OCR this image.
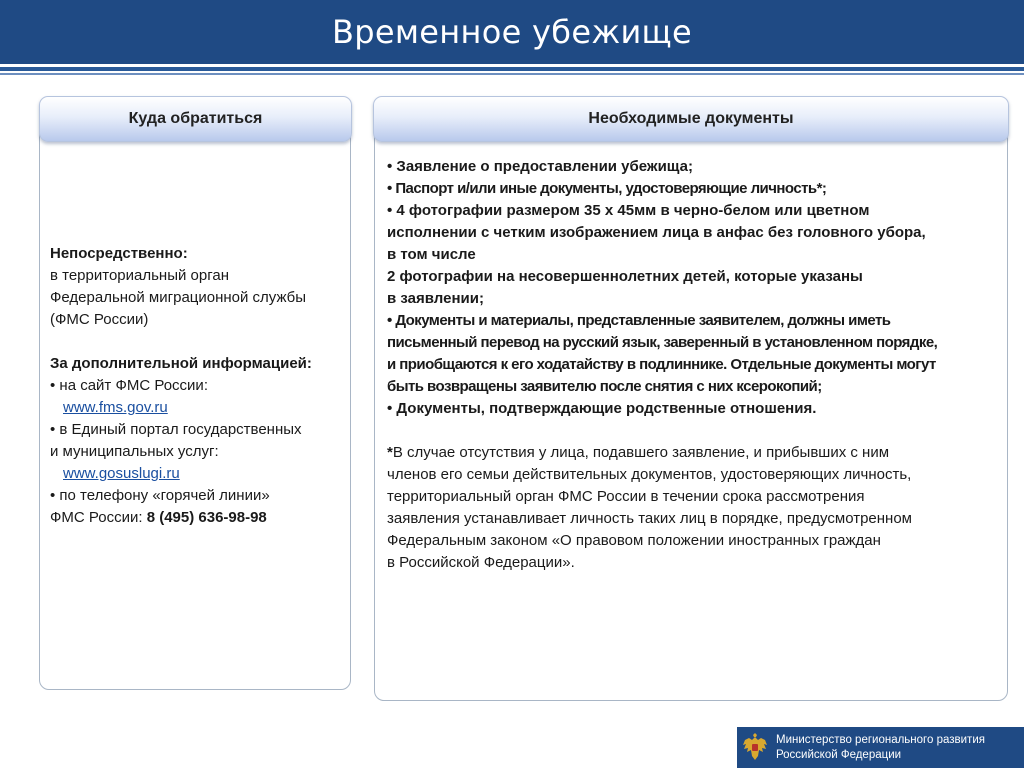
Временное убежище
Куда обратиться

Непосредственно:

в территориальный орган

Федеральной миграционной службы

(ФМС России)

За дополнительной информацией:

• на сайт ФМС России:

www.fms.gov.ru

• в Единый портал государственных

и муниципальных услуг:

www.gosuslugi.ru

• по телефону «горячей линии»

ФМС России: 8 (495) 636-98-98

Необходимые документы

• Заявление о предоставлении убежища;

• Паспорт и/или иные документы, удостоверяющие личность*;

• 4 фотографии размером 35 х 45мм в черно-белом или цветном

исполнении с четким изображением лица в анфас без головного убора,

в том числе

2 фотографии на несовершеннолетних детей, которые указаны

в заявлении;

• Документы и материалы, представленные заявителем, должны иметь

письменный перевод на русский язык, заверенный в установленном порядке,

и приобщаются к его ходатайству в подлиннике. Отдельные документы могут

быть возвращены заявителю после снятия с них ксерокопий;

• Документы, подтверждающие родственные отношения.

*В случае отсутствия у лица, подавшего заявление, и прибывших с ним

членов его семьи действительных документов, удостоверяющих личность,

территориальный орган ФМС России в течении срока рассмотрения

заявления устанавливает личность таких лиц в порядке, предусмотренном

Федеральным законом «О правовом положении иностранных граждан

в Российской Федерации».

Министерство регионального развития
Российской Федерации
